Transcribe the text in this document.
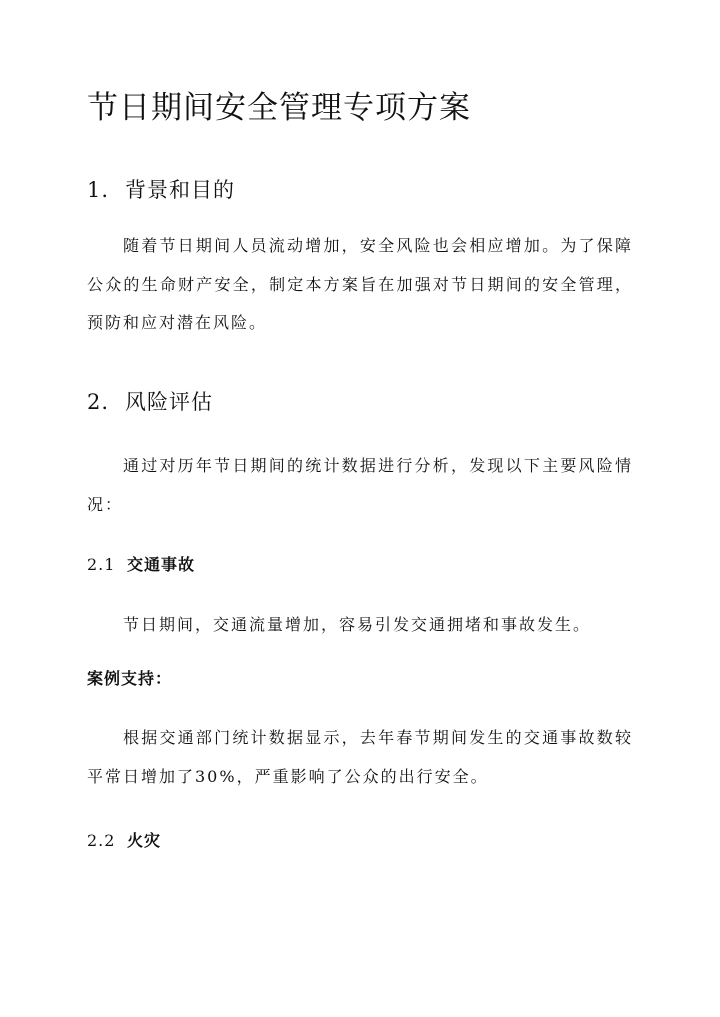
节日期间安全管理专项方案
1. 背景和目的

随着节日期间人员流动增加，安全风险也会相应增加。为了保障公众的生命财产安全，制定本方案旨在加强对节日期间的安全管理，预防和应对潜在风险。

2. 风险评估

通过对历年节日期间的统计数据进行分析，发现以下主要风险情况：

2.1 交通事故

节日期间，交通流量增加，容易引发交通拥堵和事故发生。

案例支持：

根据交通部门统计数据显示，去年春节期间发生的交通事故数较平常日增加了30%，严重影响了公众的出行安全。

2.2 火灾
